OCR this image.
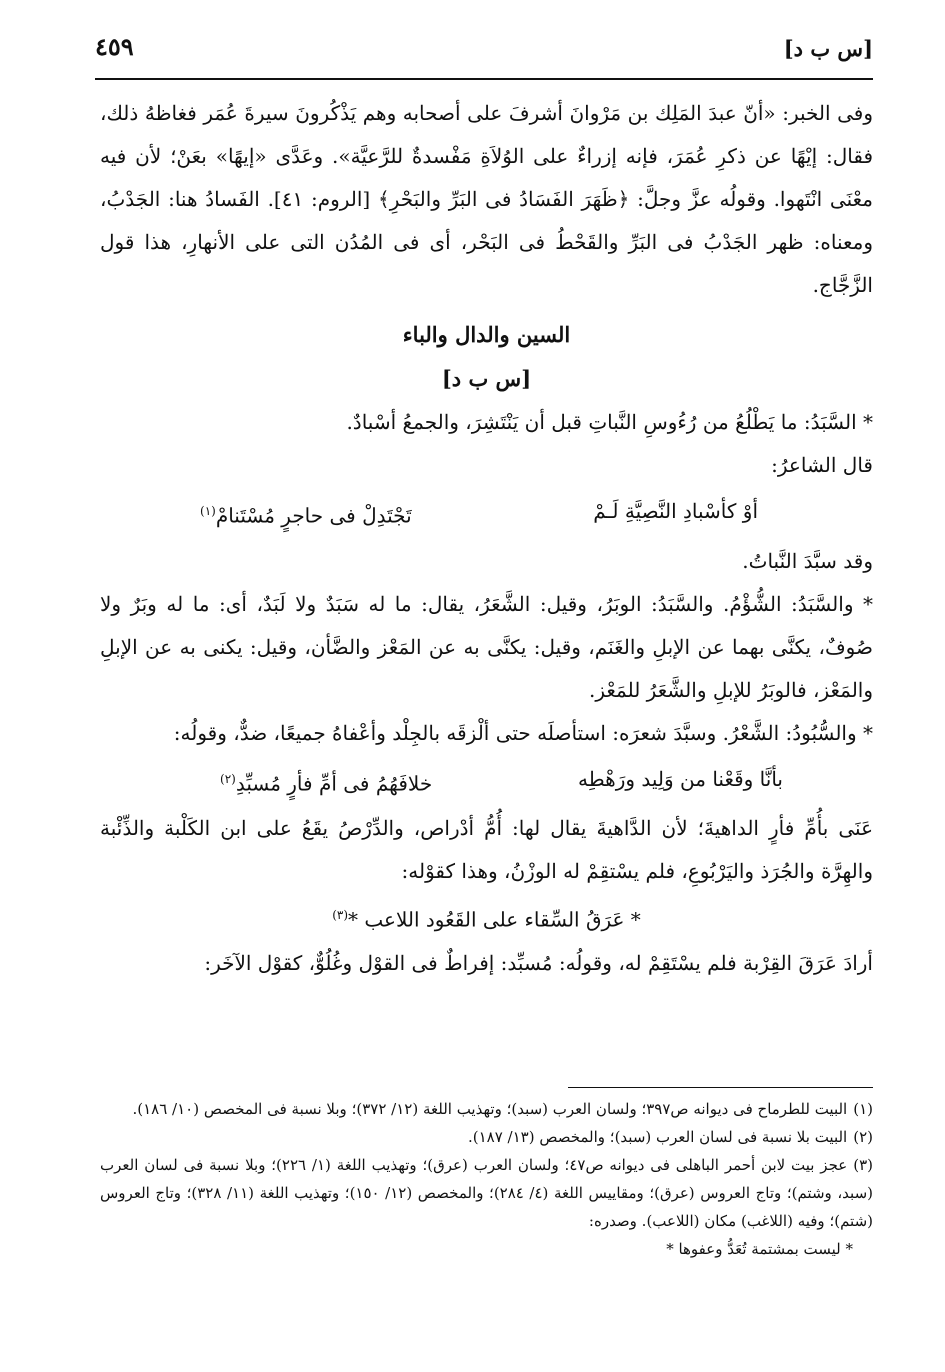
[س ب د]
٤٥٩

وفى الخبر: «أنّ عبدَ المَلِك بن مَرْوانَ أشرفَ على أصحابه وهم يَذْكُرونَ سيرةَ عُمَر فغاظهُ ذلك، فقال: إيْهًا عن ذكرِ عُمَرَ، فإنه إزراءٌ على الوُلاَةِ مَفْسدةٌ للرَّعيَّة». وعَدَّى «إيهًا» بعَنْ؛ لأن فيه معْنَى انْتَهوا. وقولُه عزَّ وجلَّ: ﴿ظَهَرَ الفَسَادُ فى البَرِّ والبَحْرِ﴾ [الروم: ٤١]. الفَسادُ هنا: الجَدْبُ، ومعناه: ظهر الجَدْبُ فى البَرِّ والقَحْطُ فى البَحْر، أى فى المُدُن التى على الأنهارِ، هذا قول الزَّجَّاج.

السين والدال والباء

[س ب د]

* السَّبَدُ: ما يَطْلُعُ من رُءُوسِ النَّباتِ قبل أن يَنْتَشِرَ، والجمعُ أسْبادٌ.

قال الشاعرُ:

أوْ كأسْبادِ النَّصِيَّةِ لَـمْ
تَجْتَدِلْ فى حاجرٍ مُسْتَنامْ$^{(١)}$

وقد سبَّدَ النَّباتُ.

* والسَّبَدُ: الشُّؤْمُ. والسَّبَدُ: الوبَرُ، وقيل: الشَّعَرُ، يقال: ما له سَبَدٌ ولا لَبَدٌ، أى: ما له وبَرٌ ولا صُوفٌ، يكنَّى بهما عن الإبلِ والغَنَم، وقيل: يكنَّى به عن المَعْز والضَّأن، وقيل: يكنى به عن الإبلِ والمَعْز، فالوبَرُ للإبلِ والشَّعَرُ للمَعْز.

* والسُّبُودُ: الشَّعْرُ. وسبَّدَ شعرَه: استأصلَه حتى ألْزقَه بالجِلْد وأعْفاهُ جميعًا، ضدٌّ، وقولُه:

بأنَّا وقَعْنا من وَلِيد ورَهْطِه
خلافَهُمُ فى أمِّ فأرٍ مُسبِّدِ$^{(٢)}$

عَنَى بأُمِّ فأرٍ الداهيةَ؛ لأن الدَّاهيةَ يقال لها: أُمُّ أدْراص، والدِّرْصُ يقَعُ على ابن الكَلْبة والذِّئْبة والهِرَّة والجُرَذ واليَرْبُوعِ، فلم يسْتقِمْ له الوزْنُ، وهذا كقوْله:

* عَرَقُ السِّقاء على القَعُود اللاعب *$^{(٣)}$

أرادَ عَرَقَ القِرْبة فلم يسْتَقِمْ له، وقولُه: مُسبِّد: إفراطٌ فى القوْل وغُلُوٌّ، كقوْل الآخَر:

(١)البيت للطرماح فى ديوانه ص٣٩٧؛ ولسان العرب (سبد)؛ وتهذيب اللغة (١٢/ ٣٧٢)؛ وبلا نسبة فى المخصص (١٠/ ١٨٦).

(٢)البيت بلا نسبة فى لسان العرب (سبد)؛ والمخصص (١٣/ ١٨٧).

(٣)عجز بيت لابن أحمر الباهلى فى ديوانه ص٤٧؛ ولسان العرب (عرق)؛ وتهذيب اللغة (١/ ٢٢٦)؛ وبلا نسبة فى لسان العرب (سبد، وشتم)؛ وتاج العروس (عرق)؛ ومقاييس اللغة (٤/ ٢٨٤)؛ والمخصص (١٢/ ١٥٠)؛ وتهذيب اللغة (١١/ ٣٢٨)؛ وتاج العروس (شتم)؛ وفيه (اللاغب) مكان (اللاعب). وصدره:

* ليست بمشتمة تُعَدُّ وعفوها *
